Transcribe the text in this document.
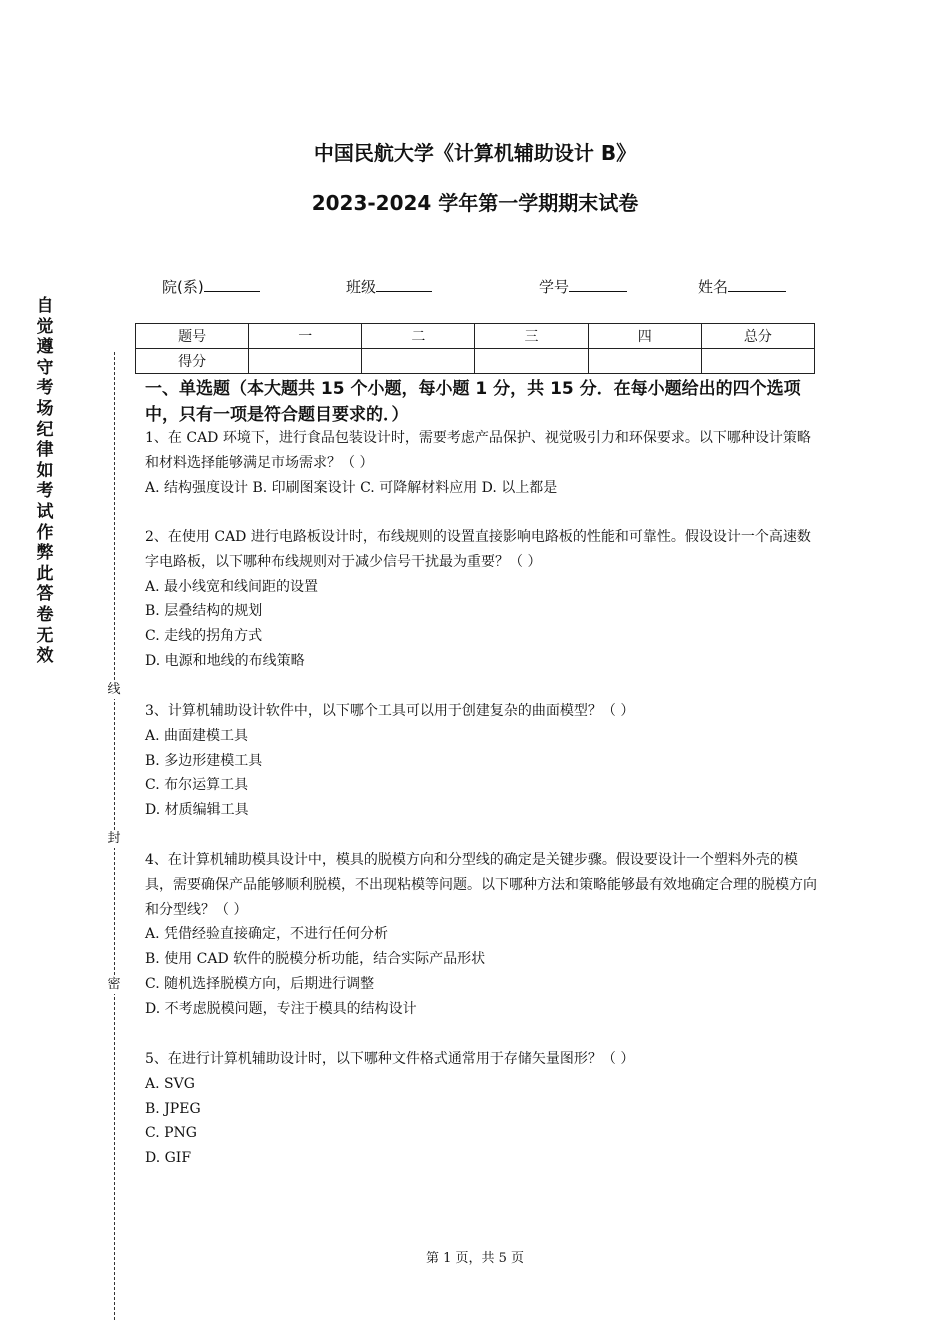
中国民航大学《计算机辅助设计 B》
2023-2024 学年第一学期期末试卷
院(系)	班级	学号	姓名
题号	一	二	三	四	总分
得分					
自觉遵守考场纪律如考试作弊此答卷无效
线
封
密
一、单选题（本大题共 15 个小题，每小题 1 分，共 15 分．在每小题给出的四个选项中，只有一项是符合题目要求的．）

1、在 CAD 环境下，进行食品包装设计时，需要考虑产品保护、视觉吸引力和环保要求。以下哪种设计策略和材料选择能够满足市场需求？（ ）

A. 结构强度设计 B. 印刷图案设计 C. 可降解材料应用 D. 以上都是

2、在使用 CAD 进行电路板设计时，布线规则的设置直接影响电路板的性能和可靠性。假设设计一个高速数字电路板，以下哪种布线规则对于减少信号干扰最为重要？（ ）

A. 最小线宽和线间距的设置

B. 层叠结构的规划

C. 走线的拐角方式

D. 电源和地线的布线策略

3、计算机辅助设计软件中，以下哪个工具可以用于创建复杂的曲面模型？（ ）

A. 曲面建模工具

B. 多边形建模工具

C. 布尔运算工具

D. 材质编辑工具

4、在计算机辅助模具设计中，模具的脱模方向和分型线的确定是关键步骤。假设要设计一个塑料外壳的模具，需要确保产品能够顺利脱模，不出现粘模等问题。以下哪种方法和策略能够最有效地确定合理的脱模方向和分型线？（ ）

A. 凭借经验直接确定，不进行任何分析

B. 使用 CAD 软件的脱模分析功能，结合实际产品形状

C. 随机选择脱模方向，后期进行调整

D. 不考虑脱模问题，专注于模具的结构设计

5、在进行计算机辅助设计时，以下哪种文件格式通常用于存储矢量图形？（ ）

A. SVG

B. JPEG

C. PNG

D. GIF

第 1 页，共 5 页
